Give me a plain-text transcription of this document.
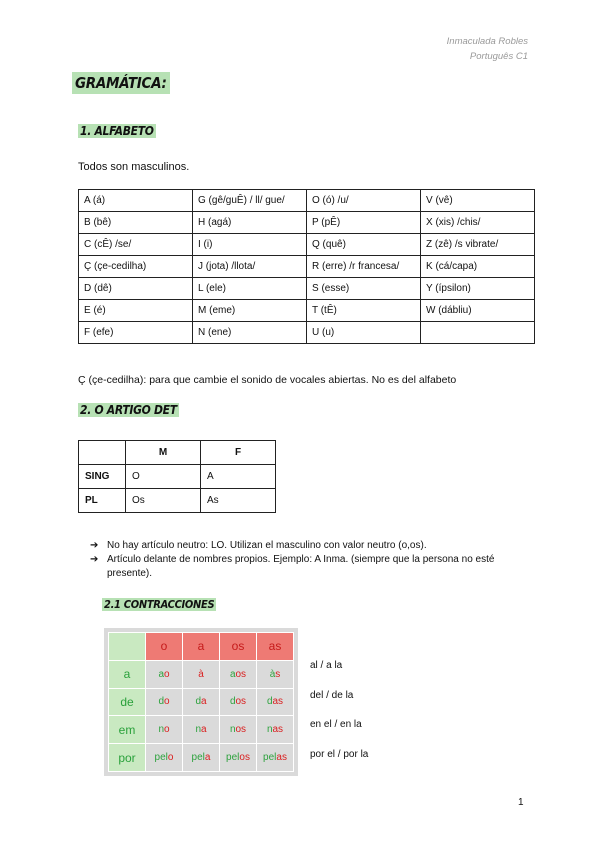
Inmaculada Robles
Português C1
GRAMÁTICA:
1. ALFABETO
Todos son masculinos.
A (á)	G (gê/guÊ) / ll/ gue/	O (ó) /u/	V (vê)
B (bê)	H (agá)	P (pÊ)	X (xis) /chis/
C (cÊ) /se/	I (i)	Q (quê)	Z (zê) /s vibrate/
Ç (çe-cedilha)	J (jota) /llota/	R (erre) /r francesa/	K (cá/capa)
D (dê)	L (ele)	S (esse)	Y (ípsilon)
E (é)	M (eme)	T (tÊ)	W (dábliu)
F (efe)	N (ene)	U (u)	
Ç (çe-cedilha): para que cambie el sonido de vocales abiertas. No es del alfabeto
2. O ARTIGO DET
	M	F
SING	O	A
PL	Os	As
➔ No hay artículo neutro: LO. Utilizan el masculino con valor neutro (o,os).
➔ Artículo delante de nombres propios. Ejemplo: A Inma. (siempre que la persona no esté presente).
2.1 CONTRACCIONES
	o	a	os	as
a	ao	à	aos	às
de	do	da	dos	das
em	no	na	nos	nas
por	pelo	pela	pelos	pelas
al / a la
del / de la
en el / en la
por el / por la
1
